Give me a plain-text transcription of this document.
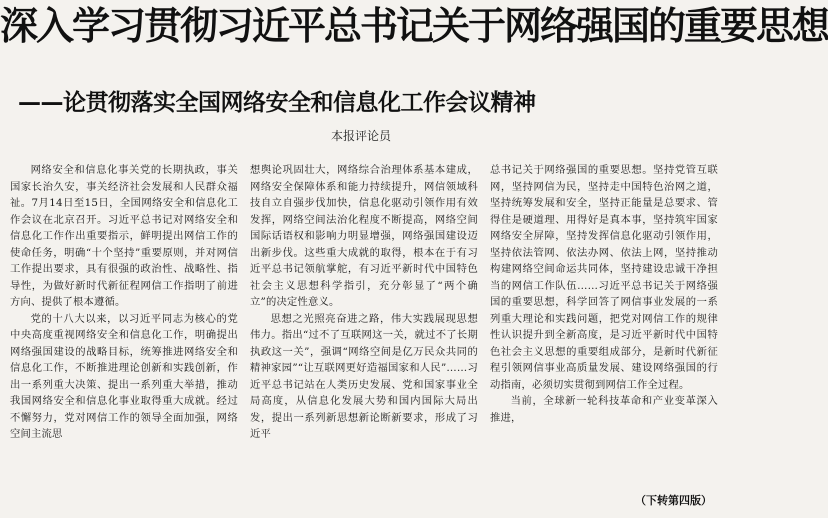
深入学习贯彻习近平总书记关于网络强国的重要思想
——论贯彻落实全国网络安全和信息化工作会议精神
本报评论员

网络安全和信息化事关党的长期执政，事关国家长治久安，事关经济社会发展和人民群众福祉。7月14日至15日，全国网络安全和信息化工作会议在北京召开。习近平总书记对网络安全和信息化工作作出重要指示，鲜明提出网信工作的使命任务，明确“十个坚持”重要原则，并对网信工作提出要求，具有很强的政治性、战略性、指导性，为做好新时代新征程网信工作指明了前进方向、提供了根本遵循。

党的十八大以来，以习近平同志为核心的党中央高度重视网络安全和信息化工作，明确提出网络强国建设的战略目标，统筹推进网络安全和信息化工作，不断推进理论创新和实践创新，作出一系列重大决策、提出一系列重大举措，推动我国网络安全和信息化事业取得重大成就。经过不懈努力，党对网信工作的领导全面加强，网络空间主流思

想舆论巩固壮大，网络综合治理体系基本建成，网络安全保障体系和能力持续提升，网信领域科技自立自强步伐加快，信息化驱动引领作用有效发挥，网络空间法治化程度不断提高，网络空间国际话语权和影响力明显增强，网络强国建设迈出新步伐。这些重大成就的取得，根本在于有习近平总书记领航掌舵，有习近平新时代中国特色社会主义思想科学指引，充分彰显了“两个确立”的决定性意义。

思想之光照亮奋进之路，伟大实践展现思想伟力。指出“过不了互联网这一关，就过不了长期执政这一关”，强调“网络空间是亿万民众共同的精神家园”“让互联网更好造福国家和人民”……习近平总书记站在人类历史发展、党和国家事业全局高度，从信息化发展大势和国内国际大局出发，提出一系列新思想新论断新要求，形成了习近平

总书记关于网络强国的重要思想。坚持党管互联网，坚持网信为民，坚持走中国特色治网之道，坚持统筹发展和安全，坚持正能量是总要求、管得住是硬道理、用得好是真本事，坚持筑牢国家网络安全屏障，坚持发挥信息化驱动引领作用，坚持依法管网、依法办网、依法上网，坚持推动构建网络空间命运共同体，坚持建设忠诚干净担当的网信工作队伍……习近平总书记关于网络强国的重要思想，科学回答了网信事业发展的一系列重大理论和实践问题，把党对网信工作的规律性认识提升到全新高度，是习近平新时代中国特色社会主义思想的重要组成部分，是新时代新征程引领网信事业高质量发展、建设网络强国的行动指南，必须切实贯彻到网信工作全过程。

当前，全球新一轮科技革命和产业变革深入推进，

（下转第四版）
